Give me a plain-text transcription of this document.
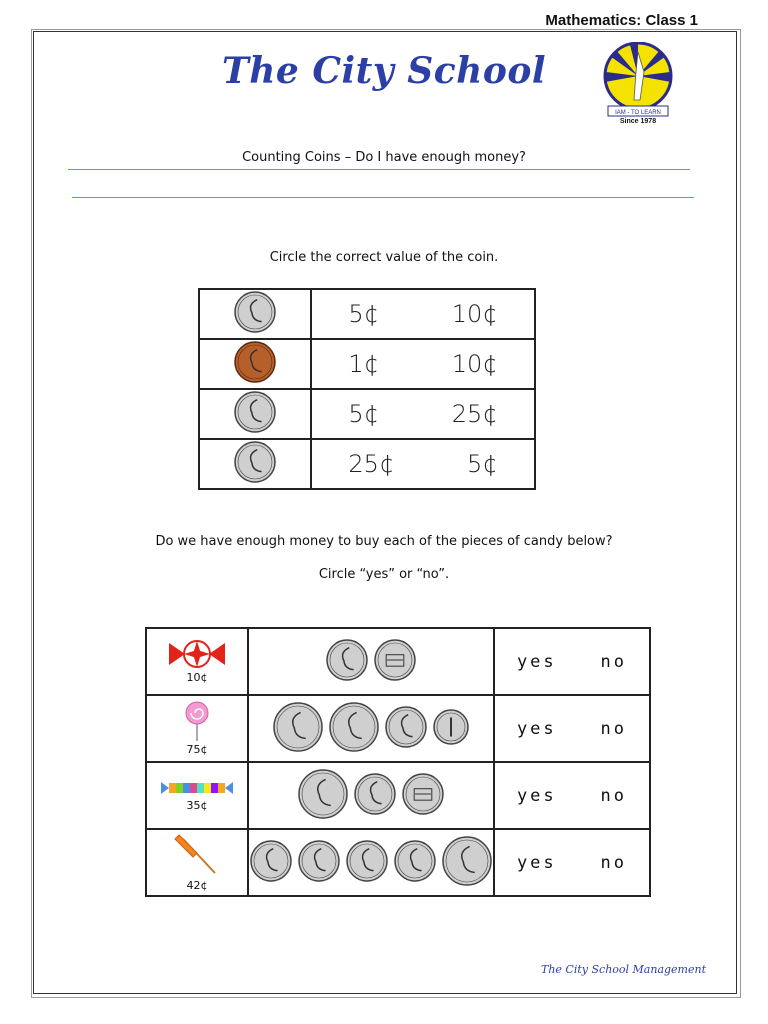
Mathematics: Class 1
The City School
IAM - TO LEARN
Since 1978
Counting Coins – Do I have enough money?
Circle the correct value of the coin.

5¢ 10¢

1¢ 10¢

5¢ 25¢

25¢ 5¢
Do we have enough money to buy each of the pieces of candy below?
Circle “yes” or “no”.
10¢		yes no

75¢		yes no

35¢		yes no

42¢		yes no
The City School Management
